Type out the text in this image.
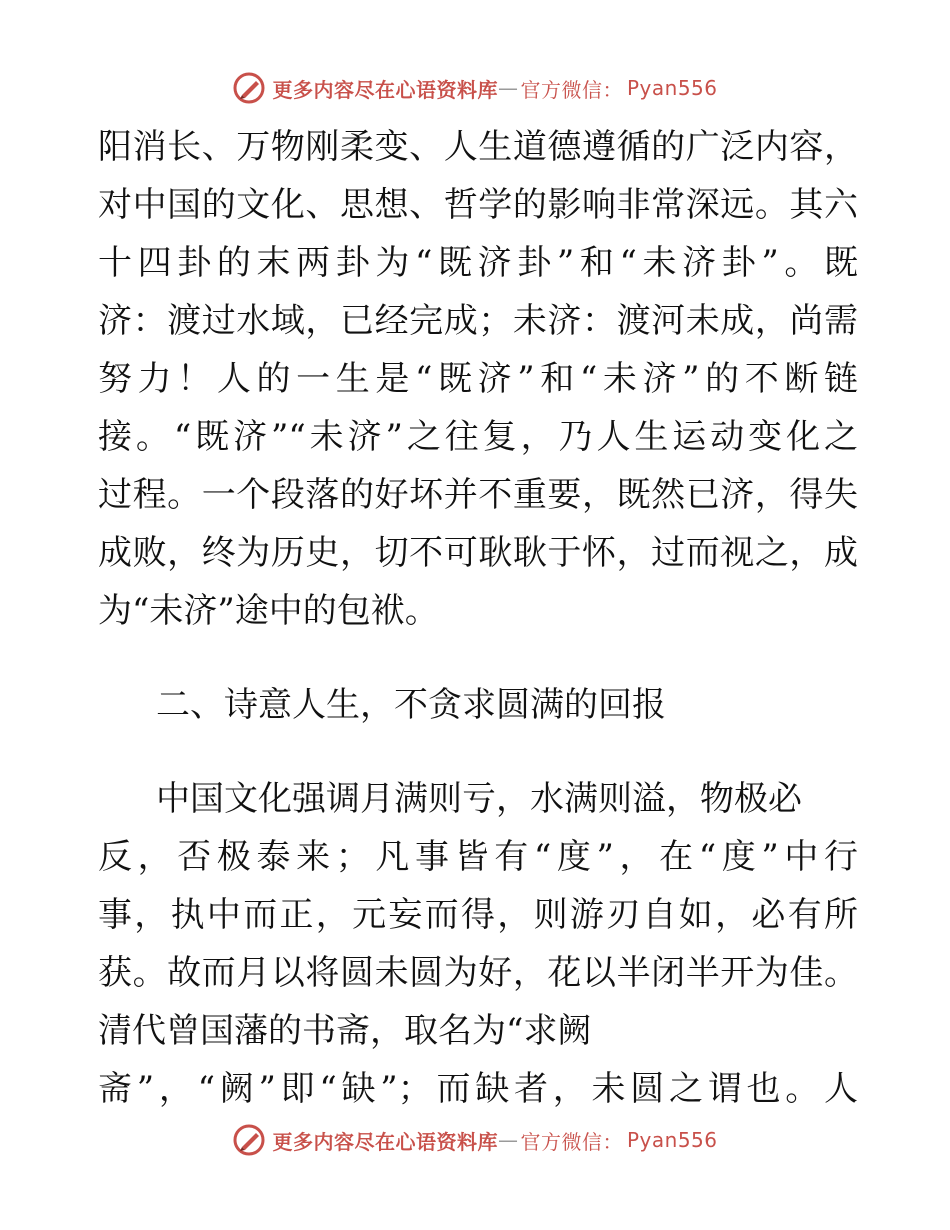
更多内容尽在心语资料库 — 官方微信： Pyan556
阳消长、万物刚柔变、人生道德遵循的广泛内容，
对中国的文化、思想、哲学的影响非常深远。其六
十四卦的末两卦为“既济卦”和“未济卦”。既
济：渡过水域，已经完成；未济：渡河未成，尚需
努力！人的一生是“既济”和“未济”的不断链
接。“既济”“未济”之往复，乃人生运动变化之
过程。一个段落的好坏并不重要，既然已济，得失
成败，终为历史，切不可耿耿于怀，过而视之，成
为“未济”途中的包袱。
二、诗意人生，不贪求圆满的回报
中国文化强调月满则亏，水满则溢，物极必
反，否极泰来；凡事皆有“度”，在“度”中行
事，执中而正，元妄而得，则游刃自如，必有所
获。故而月以将圆未圆为好，花以半闭半开为佳。
清代曾国藩的书斋，取名为“求阙
斋”，“阙”即“缺”；而缺者，未圆之谓也。人
更多内容尽在心语资料库 — 官方微信： Pyan556
